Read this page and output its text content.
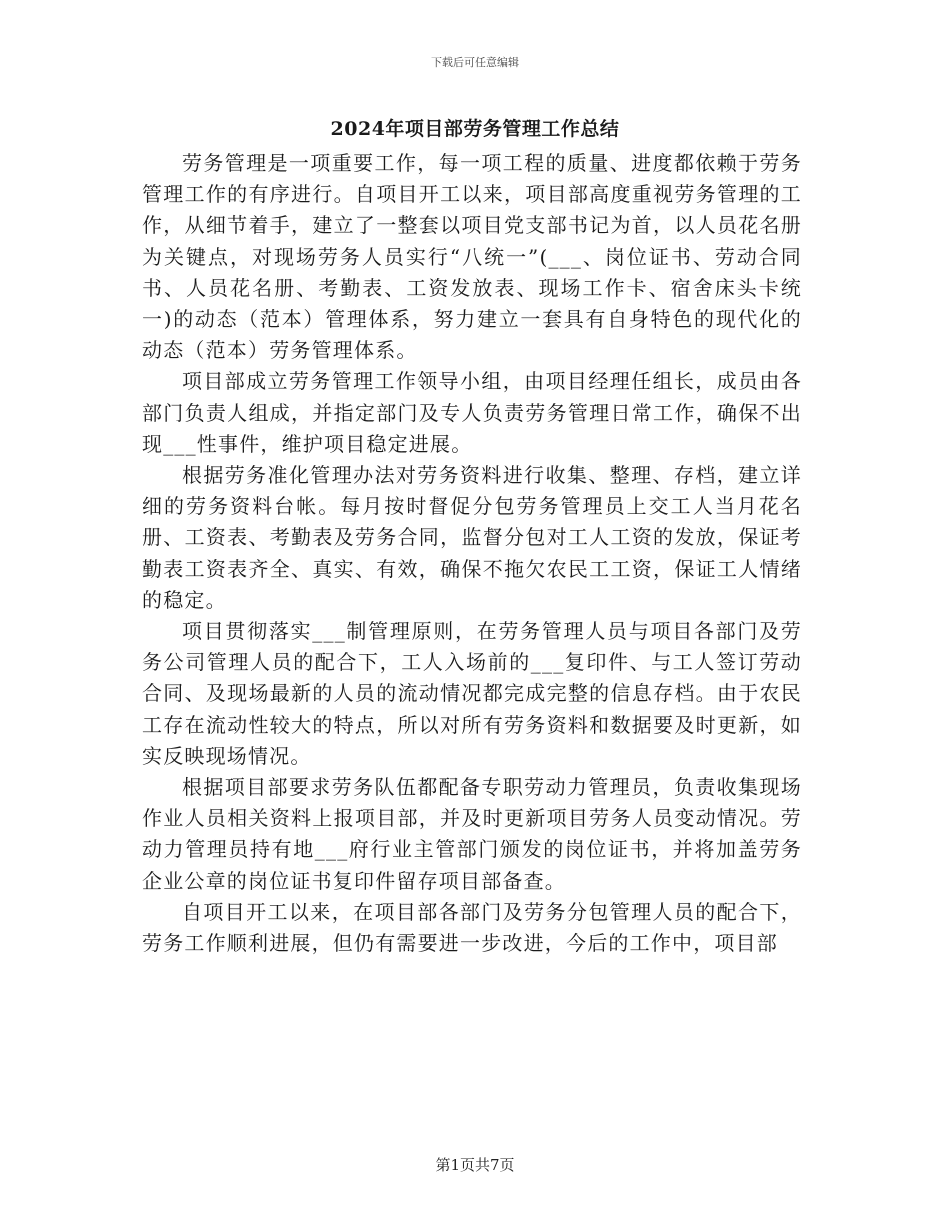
下载后可任意编辑
2024年项目部劳务管理工作总结

劳务管理是一项重要工作，每一项工程的质量、进度都依赖于劳务管理工作的有序进行。自项目开工以来，项目部高度重视劳务管理的工作，从细节着手，建立了一整套以项目党支部书记为首，以人员花名册为关键点，对现场劳务人员实行“八统一”(___、岗位证书、劳动合同书、人员花名册、考勤表、工资发放表、现场工作卡、宿舍床头卡统一)的动态（范本）管理体系，努力建立一套具有自身特色的现代化的动态（范本）劳务管理体系。

项目部成立劳务管理工作领导小组，由项目经理任组长，成员由各部门负责人组成，并指定部门及专人负责劳务管理日常工作，确保不出现___性事件，维护项目稳定进展。

根据劳务准化管理办法对劳务资料进行收集、整理、存档，建立详细的劳务资料台帐。每月按时督促分包劳务管理员上交工人当月花名册、工资表、考勤表及劳务合同，监督分包对工人工资的发放，保证考勤表工资表齐全、真实、有效，确保不拖欠农民工工资，保证工人情绪的稳定。

项目贯彻落实___制管理原则，在劳务管理人员与项目各部门及劳务公司管理人员的配合下，工人入场前的___复印件、与工人签订劳动合同、及现场最新的人员的流动情况都完成完整的信息存档。由于农民工存在流动性较大的特点，所以对所有劳务资料和数据要及时更新，如实反映现场情况。

根据项目部要求劳务队伍都配备专职劳动力管理员，负责收集现场作业人员相关资料上报项目部，并及时更新项目劳务人员变动情况。劳动力管理员持有地___府行业主管部门颁发的岗位证书，并将加盖劳务企业公章的岗位证书复印件留存项目部备查。

自项目开工以来，在项目部各部门及劳务分包管理人员的配合下，劳务工作顺利进展，但仍有需要进一步改进，今后的工作中，项目部

第1页共7页
